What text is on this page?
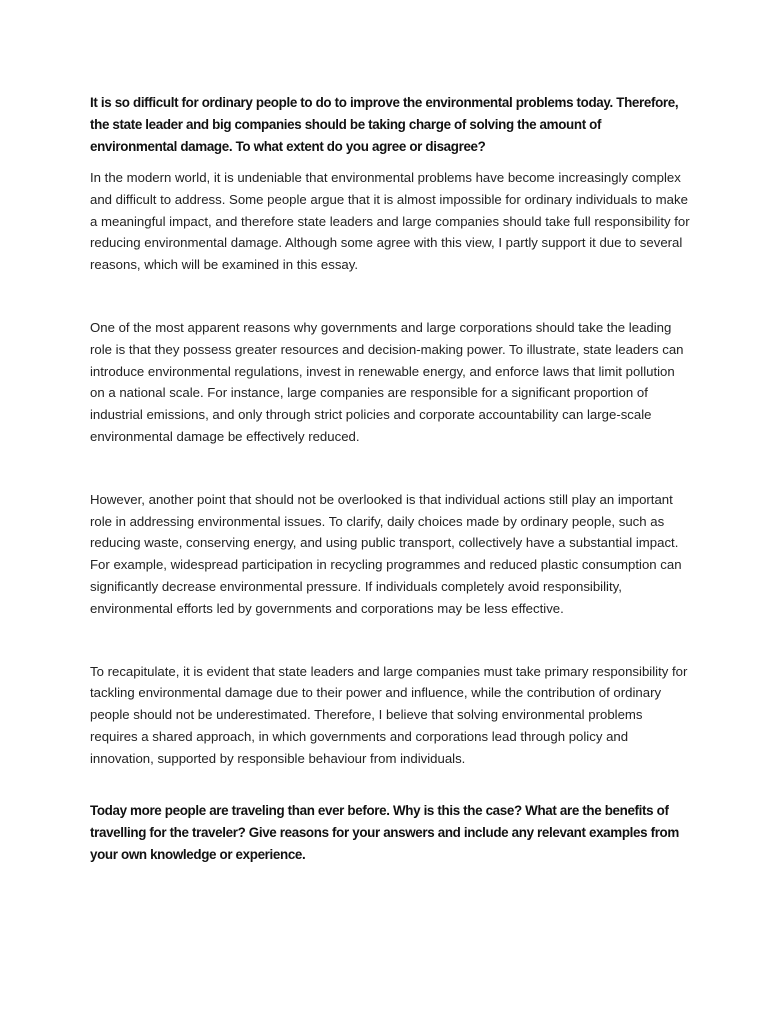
It is so difficult for ordinary people to do to improve the environmental problems today. Therefore, the state leader and big companies should be taking charge of solving the amount of environmental damage. To what extent do you agree or disagree?

In the modern world, it is undeniable that environmental problems have become increasingly complex and difficult to address. Some people argue that it is almost impossible for ordinary individuals to make a meaningful impact, and therefore state leaders and large companies should take full responsibility for reducing environmental damage. Although some agree with this view, I partly support it due to several reasons, which will be examined in this essay.

One of the most apparent reasons why governments and large corporations should take the leading role is that they possess greater resources and decision-making power. To illustrate, state leaders can introduce environmental regulations, invest in renewable energy, and enforce laws that limit pollution on a national scale. For instance, large companies are responsible for a significant proportion of industrial emissions, and only through strict policies and corporate accountability can large-scale environmental damage be effectively reduced.

However, another point that should not be overlooked is that individual actions still play an important role in addressing environmental issues. To clarify, daily choices made by ordinary people, such as reducing waste, conserving energy, and using public transport, collectively have a substantial impact. For example, widespread participation in recycling programmes and reduced plastic consumption can significantly decrease environmental pressure. If individuals completely avoid responsibility, environmental efforts led by governments and corporations may be less effective.

To recapitulate, it is evident that state leaders and large companies must take primary responsibility for tackling environmental damage due to their power and influence, while the contribution of ordinary people should not be underestimated. Therefore, I believe that solving environmental problems requires a shared approach, in which governments and corporations lead through policy and innovation, supported by responsible behaviour from individuals.

Today more people are traveling than ever before. Why is this the case? What are the benefits of travelling for the traveler? Give reasons for your answers and include any relevant examples from your own knowledge or experience.
